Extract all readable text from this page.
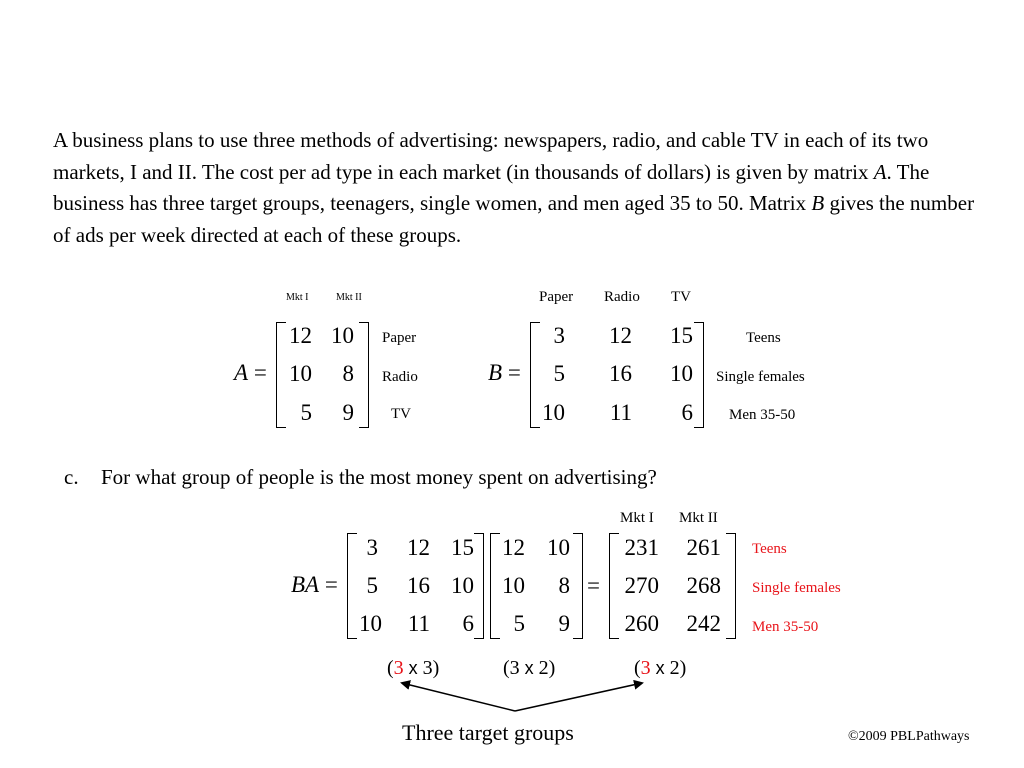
A business plans to use three methods of advertising: newspapers, radio, and cable TV in each of its two markets, I and II. The cost per ad type in each market (in thousands of dollars) is given by matrix A. The business has three target groups, teenagers, single women, and men aged 35 to 50. Matrix B gives the number of ads per week directed at each of these groups.
Mkt I	Mkt II
A =
12 10
10	8
5	9
Paper
Radio
TV
Paper Radio TV
B =
3	12	15
5	16	10
10	11	6
Teens
Single females
Men 35-50
c. For what group of people is the most money spent on advertising?
Mkt I Mkt II
BA =
3	12 15
5	16 10
10	11	6
12 10
10	8
5	9
=
231	261
270	268
260	242
Teens
Single females
Men 35-50
(3 x 3)	(3 x 2)	(3 x 2)
Three target groups	©2009 PBLPathways
